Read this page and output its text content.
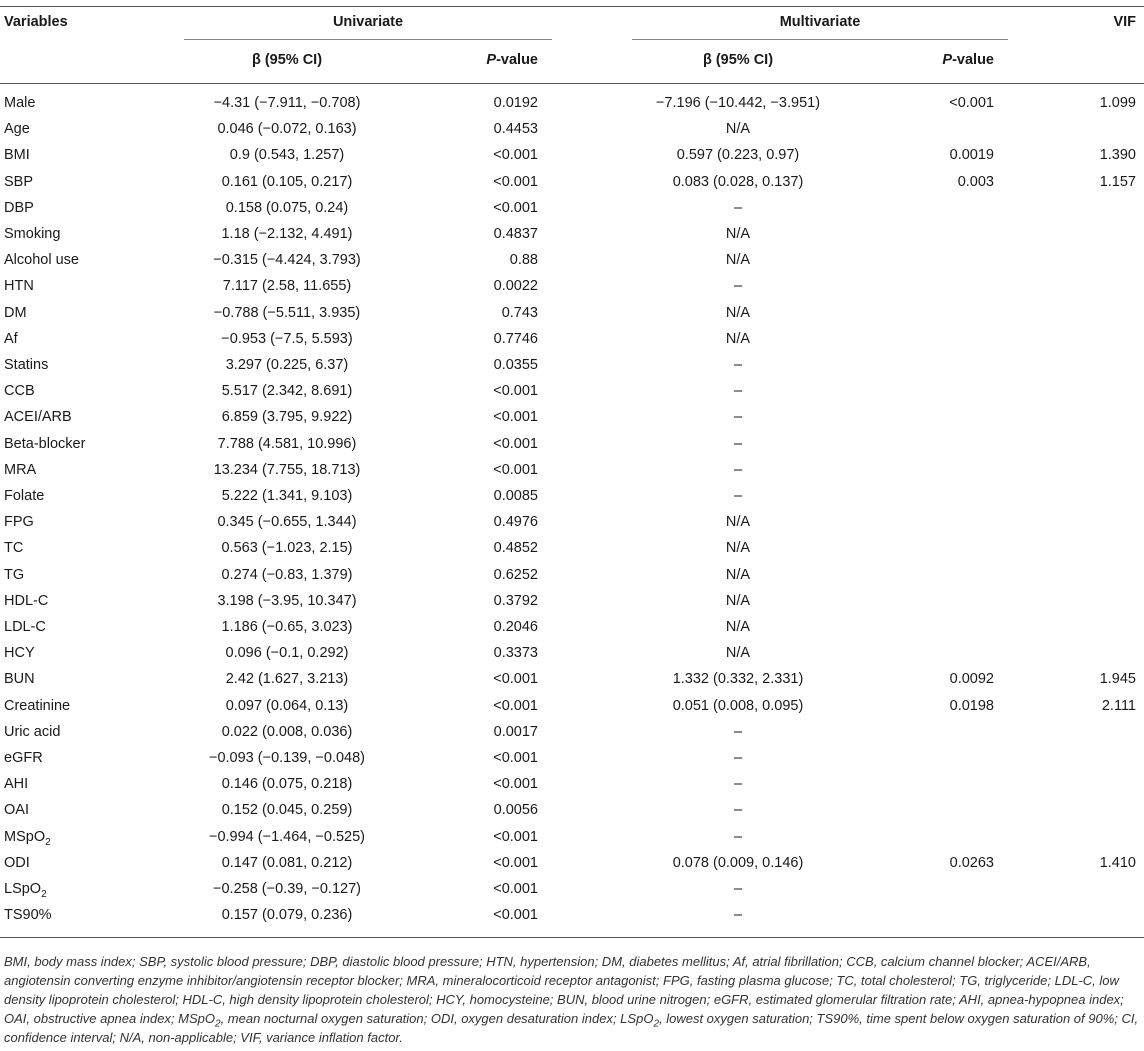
Variables	Univariate	Multivariate	VIF
β (95% CI)	P-value	β (95% CI)	P-value
Male	−4.31 (−7.911, −0.708)	0.0192	−7.196 (−10.442, −3.951)	<0.001	1.099
Age	0.046 (−0.072, 0.163)	0.4453	N/A
BMI	0.9 (0.543, 1.257)	<0.001	0.597 (0.223, 0.97)	0.0019	1.390
SBP	0.161 (0.105, 0.217)	<0.001	0.083 (0.028, 0.137)	0.003	1.157
DBP	0.158 (0.075, 0.24)	<0.001	–
Smoking	1.18 (−2.132, 4.491)	0.4837	N/A
Alcohol use	−0.315 (−4.424, 3.793)	0.88	N/A
HTN	7.117 (2.58, 11.655)	0.0022	–
DM	−0.788 (−5.511, 3.935)	0.743	N/A
Af	−0.953 (−7.5, 5.593)	0.7746	N/A
Statins	3.297 (0.225, 6.37)	0.0355	–
CCB	5.517 (2.342, 8.691)	<0.001	–
ACEI/ARB	6.859 (3.795, 9.922)	<0.001	–
Beta-blocker	7.788 (4.581, 10.996)	<0.001	–
MRA	13.234 (7.755, 18.713)	<0.001	–
Folate	5.222 (1.341, 9.103)	0.0085	–
FPG	0.345 (−0.655, 1.344)	0.4976	N/A
TC	0.563 (−1.023, 2.15)	0.4852	N/A
TG	0.274 (−0.83, 1.379)	0.6252	N/A
HDL-C	3.198 (−3.95, 10.347)	0.3792	N/A
LDL-C	1.186 (−0.65, 3.023)	0.2046	N/A
HCY	0.096 (−0.1, 0.292)	0.3373	N/A
BUN	2.42 (1.627, 3.213)	<0.001	1.332 (0.332, 2.331)	0.0092	1.945
Creatinine	0.097 (0.064, 0.13)	<0.001	0.051 (0.008, 0.095)	0.0198	2.111
Uric acid	0.022 (0.008, 0.036)	0.0017	–
eGFR	−0.093 (−0.139, −0.048)	<0.001	–
AHI	0.146 (0.075, 0.218)	<0.001	–
OAI	0.152 (0.045, 0.259)	0.0056	–
MSpO$_2$	−0.994 (−1.464, −0.525)	<0.001	–
ODI	0.147 (0.081, 0.212)	<0.001	0.078 (0.009, 0.146)	0.0263	1.410
LSpO$_2$	−0.258 (−0.39, −0.127)	<0.001	–
TS90%	0.157 (0.079, 0.236)	<0.001	–
BMI, body mass index; SBP, systolic blood pressure; DBP, diastolic blood pressure; HTN, hypertension; DM, diabetes mellitus; Af, atrial fibrillation; CCB, calcium channel blocker; ACEI/ARB, angiotensin converting enzyme inhibitor/angiotensin receptor blocker; MRA, mineralocorticoid receptor antagonist; FPG, fasting plasma glucose; TC, total cholesterol; TG, triglyceride; LDL-C, low density lipoprotein cholesterol; HDL-C, high density lipoprotein cholesterol; HCY, homocysteine; BUN, blood urine nitrogen; eGFR, estimated glomerular filtration rate; AHI, apnea-hypopnea index; OAI, obstructive apnea index; MSpO$_2$, mean nocturnal oxygen saturation; ODI, oxygen desaturation index; LSpO$_2$, lowest oxygen saturation; TS90%, time spent below oxygen saturation of 90%; CI, confidence interval; N/A, non-applicable; VIF, variance inflation factor.
